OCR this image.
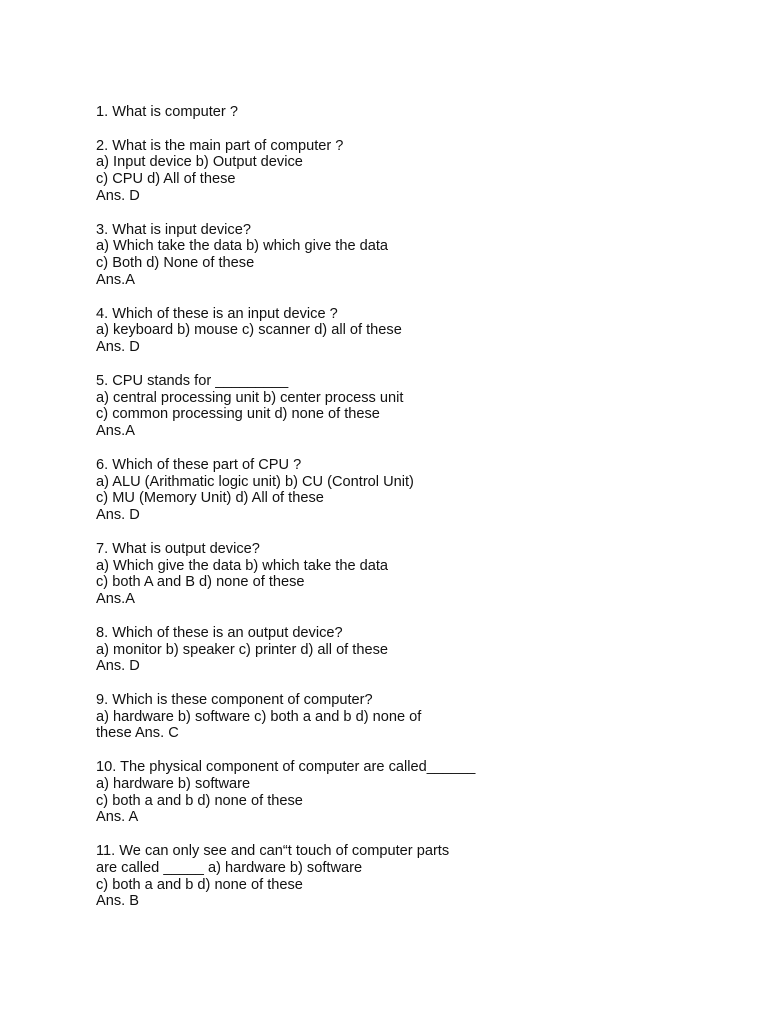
1. What is computer ?
2. What is the main part of computer ?
a) Input device b) Output device
c) CPU d) All of these
Ans. D
3. What is input device?
a) Which take the data b) which give the data
c) Both d) None of these
Ans.A
4. Which of these is an input device ?
a) keyboard b) mouse c) scanner d) all of these
Ans. D
5. CPU stands for _________
a) central processing unit b) center process unit
c) common processing unit d) none of these
Ans.A
6. Which of these part of CPU ?
a) ALU (Arithmatic logic unit) b) CU (Control Unit)
c) MU (Memory Unit) d) All of these
Ans. D
7. What is output device?
a) Which give the data b) which take the data
c) both A and B d) none of these
Ans.A
8. Which of these is an output device?
a) monitor b) speaker c) printer d) all of these
Ans. D
9. Which is these component of computer?
a) hardware b) software c) both a and b d) none of
these Ans. C
10. The physical component of computer are called______
a) hardware b) software
c) both a and b d) none of these
Ans. A
11. We can only see and can“t touch of computer parts
are called _____ a) hardware b) software
c) both a and b d) none of these
Ans. B
